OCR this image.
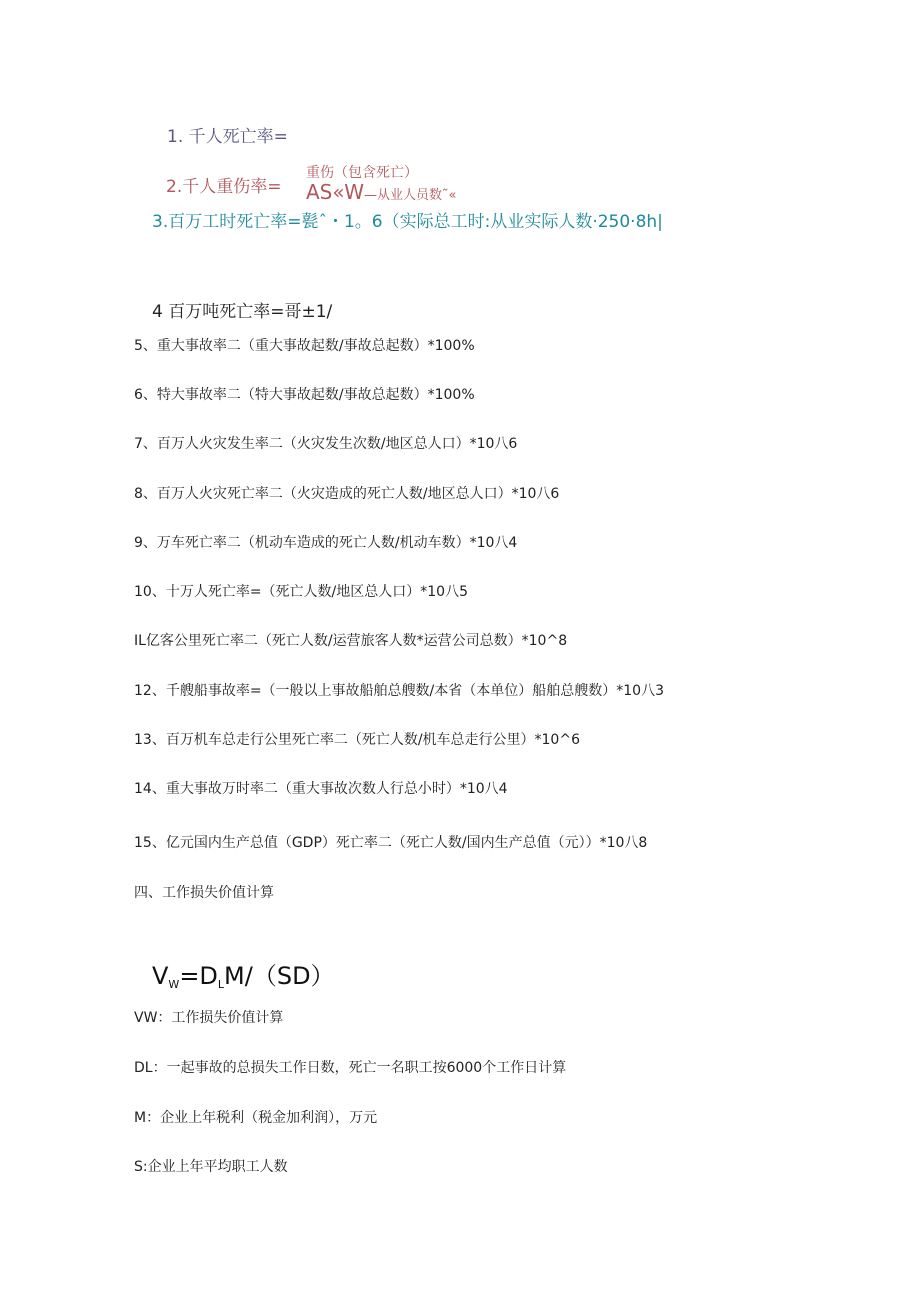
1. 千人死亡率=
2.千人重伤率=
重伤（包含死亡）
AS«W—从业人员数˜«
3.百万工时死亡率=甏ˆ・1。6（实际总工时:从业实际人数·250·8h|
4 百万吨死亡率=哥±1/
5、重大事故率二（重大事故起数/事故总起数）*100%
6、特大事故率二（特大事故起数/事故总起数）*100%
7、百万人火灾发生率二（火灾发生次数/地区总人口）*10八6
8、百万人火灾死亡率二（火灾造成的死亡人数/地区总人口）*10八6
9、万车死亡率二（机动车造成的死亡人数/机动车数）*10八4
10、十万人死亡率=（死亡人数/地区总人口）*10八5
IL亿客公里死亡率二（死亡人数/运营旅客人数*运营公司总数）*10^8
12、千艘船事故率=（一般以上事故船舶总艘数/本省（本单位）船舶总艘数）*10八3
13、百万机车总走行公里死亡率二（死亡人数/机车总走行公里）*10^6
14、重大事故万时率二（重大事故次数人行总小时）*10八4
15、亿元国内生产总值（GDP）死亡率二（死亡人数/国内生产总值（元））*10八8
四、工作损失价值计算
$V_W=D_LM/(SD)$
VW：工作损失价值计算
DL：一起事故的总损失工作日数，死亡一名职工按6000个工作日计算
M：企业上年税利（税金加利润），万元
S:企业上年平均职工人数
